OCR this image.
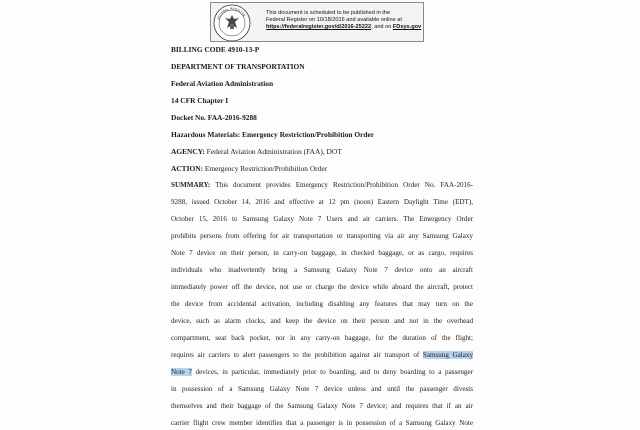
FEDERAL REGISTER	This document is scheduled to be published in the
Federal Register on 10/18/2016 and available online at
https://federalregister.gov/d/2016-25222, and on FDsys.gov
BILLING CODE 4910-13-P
DEPARTMENT OF TRANSPORTATION
Federal Aviation Administration
14 CFR Chapter I
Docket No. FAA-2016-9288
Hazardous Materials: Emergency Restriction/Prohibition Order
AGENCY: Federal Aviation Administration (FAA), DOT
ACTION: Emergency Restriction/Prohibition Order
SUMMARY: This document provides Emergency Restriction/Prohibition Order No. FAA-2016-
9288, issued October 14, 2016 and effective at 12 pm (noon) Eastern Daylight Time (EDT),
October 15, 2016 to Samsung Galaxy Note 7 Users and air carriers. The Emergency Order
prohibits persons from offering for air transportation or transporting via air any Samsung Galaxy
Note 7 device on their person, in carry-on baggage, in checked baggage, or as cargo, requires
individuals who inadvertently bring a Samsung Galaxy Note 7 device onto an aircraft
immediately power off the device, not use or charge the device while aboard the aircraft, protect
the device from accidental activation, including disabling any features that may turn on the
device, such as alarm clocks, and keep the device on their person and not in the overhead
compartment, seat back pocket, nor in any carry-on baggage, for the duration of the flight;
requires air carriers to alert passengers to the prohibition against air transport of Samsung Galaxy
Note 7 devices, in particular, immediately prior to boarding, and to deny boarding to a passenger
in possession of a Samsung Galaxy Note 7 device unless and until the passenger divests
themselves and their baggage of the Samsung Galaxy Note 7 device; and requires that if an air
carrier flight crew member identifies that a passenger is in possession of a Samsung Galaxy Note
